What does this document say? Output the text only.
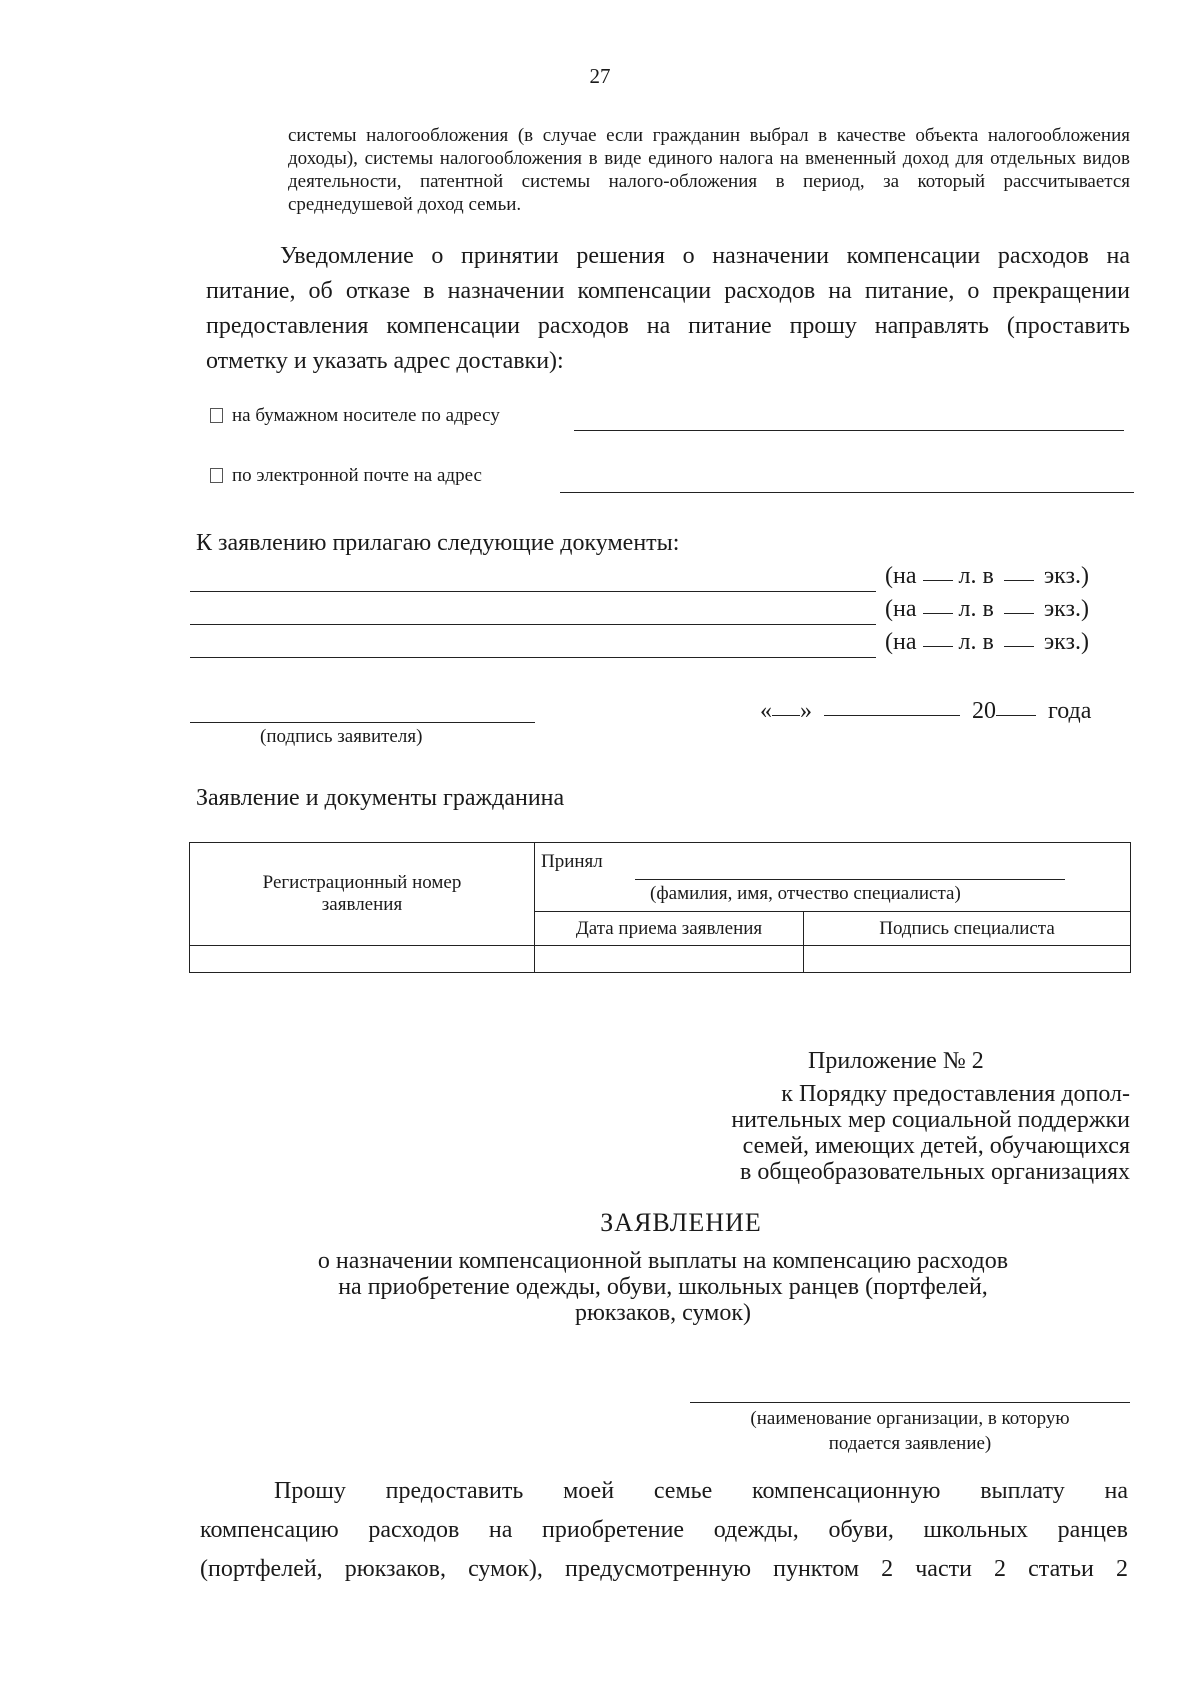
27
системы налогообложения (в случае если гражданин выбрал в качестве объекта налогообложения доходы), системы налогообложения в виде единого налога на вмененный доход для отдельных видов деятельности, патентной системы налого-обложения в период, за который рассчитывается среднедушевой доход семьи.
Уведомление о принятии решения о назначении компенсации расходов на питание, об отказе в назначении компенсации расходов на питание, о прекращении предоставления компенсации расходов на питание прошу направлять (проставить отметку и указать адрес доставки):
на бумажном носителе по адресу
по электронной почте на адрес
К заявлению прилагаю следующие документы:
(на л. в экз.)
(на л. в экз.)
(на л. в экз.)
(подпись заявителя)
« »	20 года
Заявление и документы гражданина
Регистрационный номер заявления	Принял
(фамилия, имя, отчество специалиста)	

	Дата приема заявления	Подпись специалиста

Приложение № 2
к Порядку предоставления допол-
нительных мер социальной поддержки
семей, имеющих детей, обучающихся
в общеобразовательных организациях
ЗАЯВЛЕНИЕ
о назначении компенсационной выплаты на компенсацию расходов
на приобретение одежды, обуви, школьных ранцев (портфелей,
рюкзаков, сумок)
(наименование организации, в которую
подается заявление)
Прошу предоставить моей семье компенсационную выплату на
компенсацию расходов на приобретение одежды, обуви, школьных ранцев
(портфелей, рюкзаков, сумок), предусмотренную пунктом 2 части 2 статьи 2
